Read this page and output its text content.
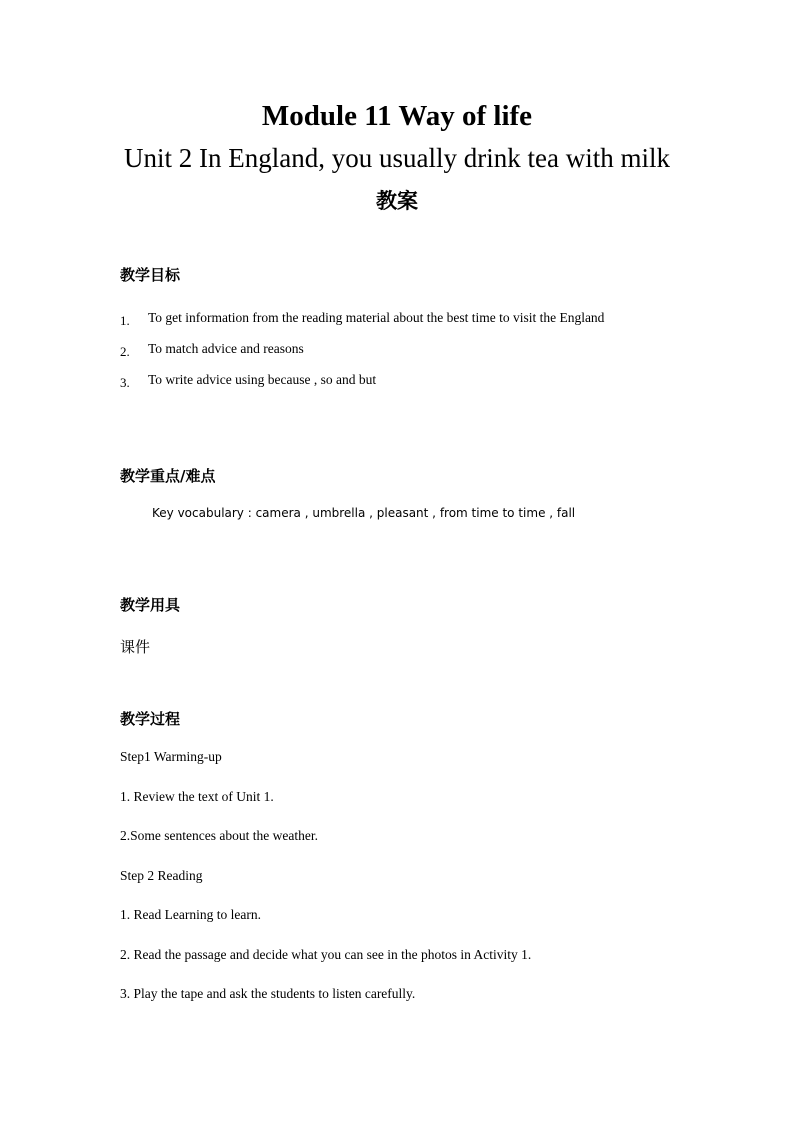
Module 11 Way of life
Unit 2 In England, you usually drink tea with milk
教案
教学目标
1. To get information from the reading material about the best time to visit the England
2. To match advice and reasons
3. To write advice using because , so and but
教学重点/难点
Key vocabulary : camera , umbrella , pleasant , from time to time , fall
教学用具
课件
教学过程
Step1 Warming-up
1. Review the text of Unit 1.
2.Some sentences about the weather.
Step 2 Reading
1. Read Learning to learn.
2. Read the passage and decide what you can see in the photos in Activity 1.
3. Play the tape and ask the students to listen carefully.
